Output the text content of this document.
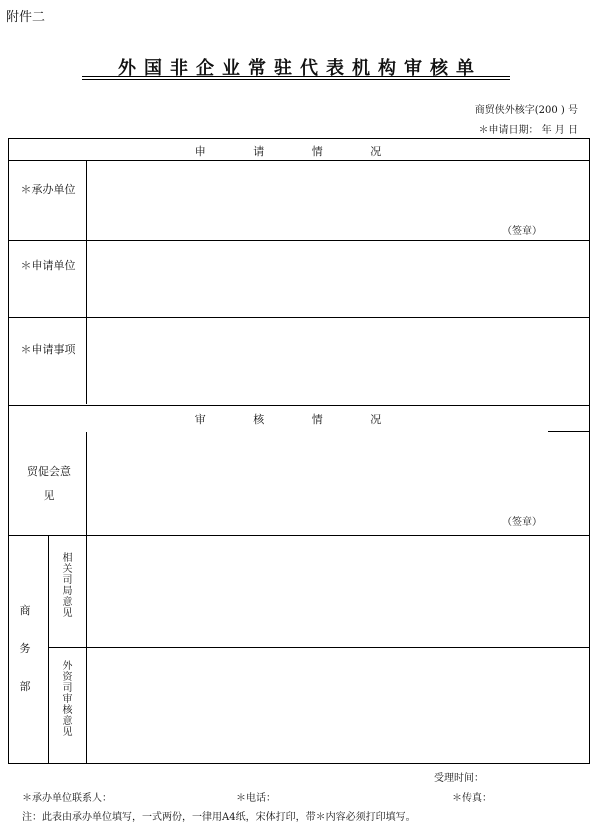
附件二
外国非企业常驻代表机构审核单
商贸侠外核字(200 ) 号
＊申请日期： 年 月 日
申 请 情 况
＊承办单位
（签章）
＊申请单位
＊申请事项
审 核 情 况
贸促会意 见
（签章）
商务部
相关司局意见
外资司审核意见
受理时间：
＊承办单位联系人：	＊电话：	＊传真：
注：此表由承办单位填写，一式两份，一律用A4纸，宋体打印，带＊内容必须打印填写。
